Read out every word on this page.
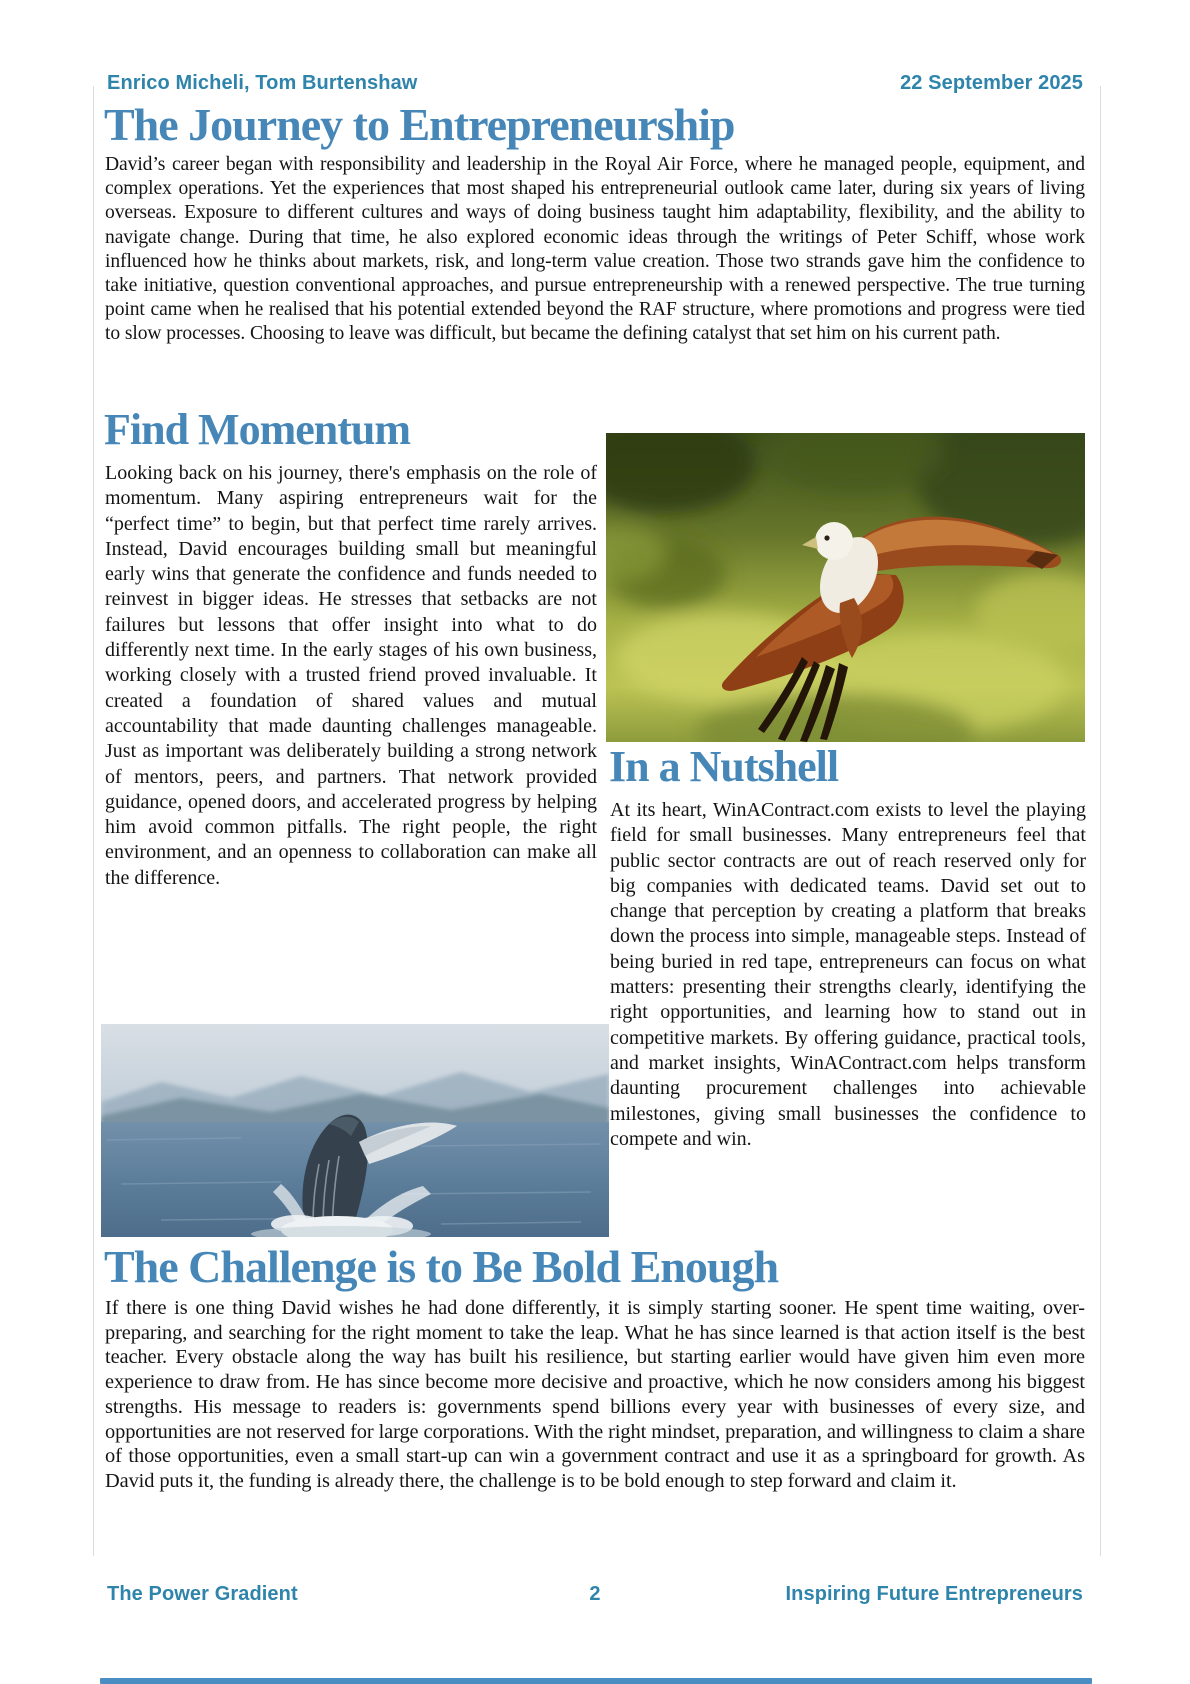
Enrico Micheli, Tom Burtenshaw	22 September 2025
The Journey to Entrepreneurship
David’s career began with responsibility and leadership in the Royal Air Force, where he managed people, equipment, and complex operations. Yet the experiences that most shaped his entrepreneurial outlook came later, during six years of living overseas. Exposure to different cultures and ways of doing business taught him adaptability, flexibility, and the ability to navigate change. During that time, he also explored economic ideas through the writings of Peter Schiff, whose work influenced how he thinks about markets, risk, and long-term value creation. Those two strands gave him the confidence to take initiative, question conventional approaches, and pursue entrepreneurship with a renewed perspective. The true turning point came when he realised that his potential extended beyond the RAF structure, where promotions and progress were tied to slow processes. Choosing to leave was difficult, but became the defining catalyst that set him on his current path.
Find Momentum
Looking back on his journey, there's emphasis on the role of momentum. Many aspiring entrepreneurs wait for the “perfect time” to begin, but that perfect time rarely arrives. Instead, David encourages building small but meaningful early wins that generate the confidence and funds needed to reinvest in bigger ideas. He stresses that setbacks are not failures but lessons that offer insight into what to do differently next time. In the early stages of his own business, working closely with a trusted friend proved invaluable. It created a foundation of shared values and mutual accountability that made daunting challenges manageable. Just as important was deliberately building a strong network of mentors, peers, and partners. That network provided guidance, opened doors, and accelerated progress by helping him avoid common pitfalls. The right people, the right environment, and an openness to collaboration can make all the difference.
In a Nutshell
At its heart, WinAContract.com exists to level the playing field for small businesses. Many entrepreneurs feel that public sector contracts are out of reach reserved only for big companies with dedicated teams. David set out to change that perception by creating a platform that breaks down the process into simple, manageable steps. Instead of being buried in red tape, entrepreneurs can focus on what matters: presenting their strengths clearly, identifying the right opportunities, and learning how to stand out in competitive markets. By offering guidance, practical tools, and market insights, WinAContract.com helps transform daunting procurement challenges into achievable milestones, giving small businesses the confidence to compete and win.
The Challenge is to Be Bold Enough
If there is one thing David wishes he had done differently, it is simply starting sooner. He spent time waiting, over-preparing, and searching for the right moment to take the leap. What he has since learned is that action itself is the best teacher. Every obstacle along the way has built his resilience, but starting earlier would have given him even more experience to draw from. He has since become more decisive and proactive, which he now considers among his biggest strengths. His message to readers is: governments spend billions every year with businesses of every size, and opportunities are not reserved for large corporations. With the right mindset, preparation, and willingness to claim a share of those opportunities, even a small start-up can win a government contract and use it as a springboard for growth. As David puts it, the funding is already there, the challenge is to be bold enough to step forward and claim it.
The Power Gradient	2	Inspiring Future Entrepreneurs
